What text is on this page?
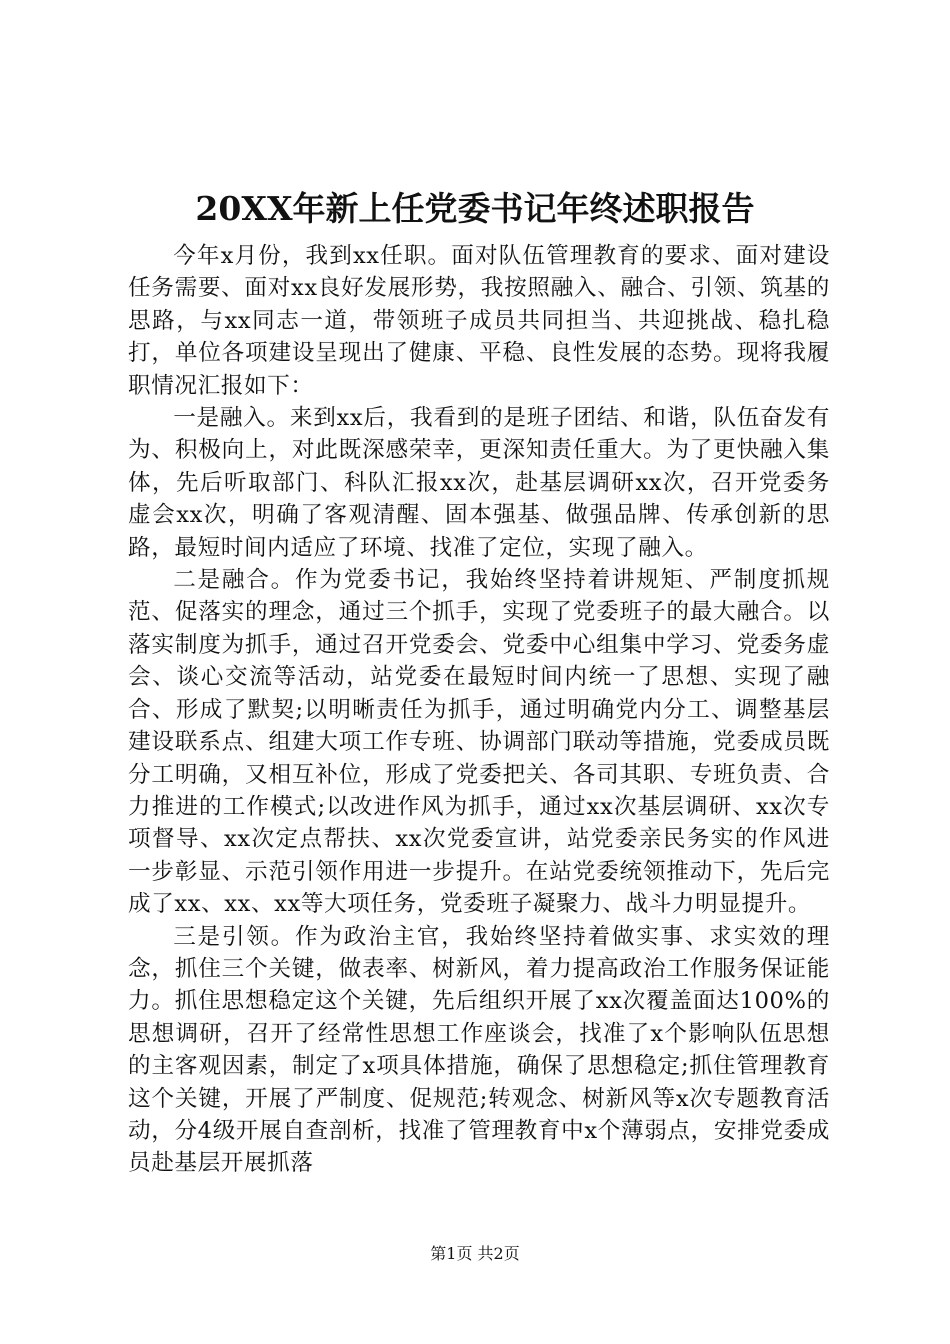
20XX年新上任党委书记年终述职报告

今年x月份，我到xx任职。面对队伍管理教育的要求、面对建设任务需要、面对xx良好发展形势，我按照融入、融合、引领、筑基的思路，与xx同志一道，带领班子成员共同担当、共迎挑战、稳扎稳打，单位各项建设呈现出了健康、平稳、良性发展的态势。现将我履职情况汇报如下：

一是融入。来到xx后，我看到的是班子团结、和谐，队伍奋发有为、积极向上，对此既深感荣幸，更深知责任重大。为了更快融入集体，先后听取部门、科队汇报xx次，赴基层调研xx次，召开党委务虚会xx次，明确了客观清醒、固本强基、做强品牌、传承创新的思路，最短时间内适应了环境、找准了定位，实现了融入。

二是融合。作为党委书记，我始终坚持着讲规矩、严制度抓规范、促落实的理念，通过三个抓手，实现了党委班子的最大融合。以落实制度为抓手，通过召开党委会、党委中心组集中学习、党委务虚会、谈心交流等活动，站党委在最短时间内统一了思想、实现了融合、形成了默契;以明晰责任为抓手，通过明确党内分工、调整基层建设联系点、组建大项工作专班、协调部门联动等措施，党委成员既分工明确，又相互补位，形成了党委把关、各司其职、专班负责、合力推进的工作模式;以改进作风为抓手，通过xx次基层调研、xx次专项督导、xx次定点帮扶、xx次党委宣讲，站党委亲民务实的作风进一步彰显、示范引领作用进一步提升。在站党委统领推动下，先后完成了xx、xx、xx等大项任务，党委班子凝聚力、战斗力明显提升。

三是引领。作为政治主官，我始终坚持着做实事、求实效的理念，抓住三个关键，做表率、树新风，着力提高政治工作服务保证能力。抓住思想稳定这个关键，先后组织开展了xx次覆盖面达100%的思想调研，召开了经常性思想工作座谈会，找准了x个影响队伍思想的主客观因素，制定了x项具体措施，确保了思想稳定;抓住管理教育这个关键，开展了严制度、促规范;转观念、树新风等x次专题教育活动，分4级开展自查剖析，找准了管理教育中x个薄弱点，安排党委成员赴基层开展抓落

第1页 共2页
